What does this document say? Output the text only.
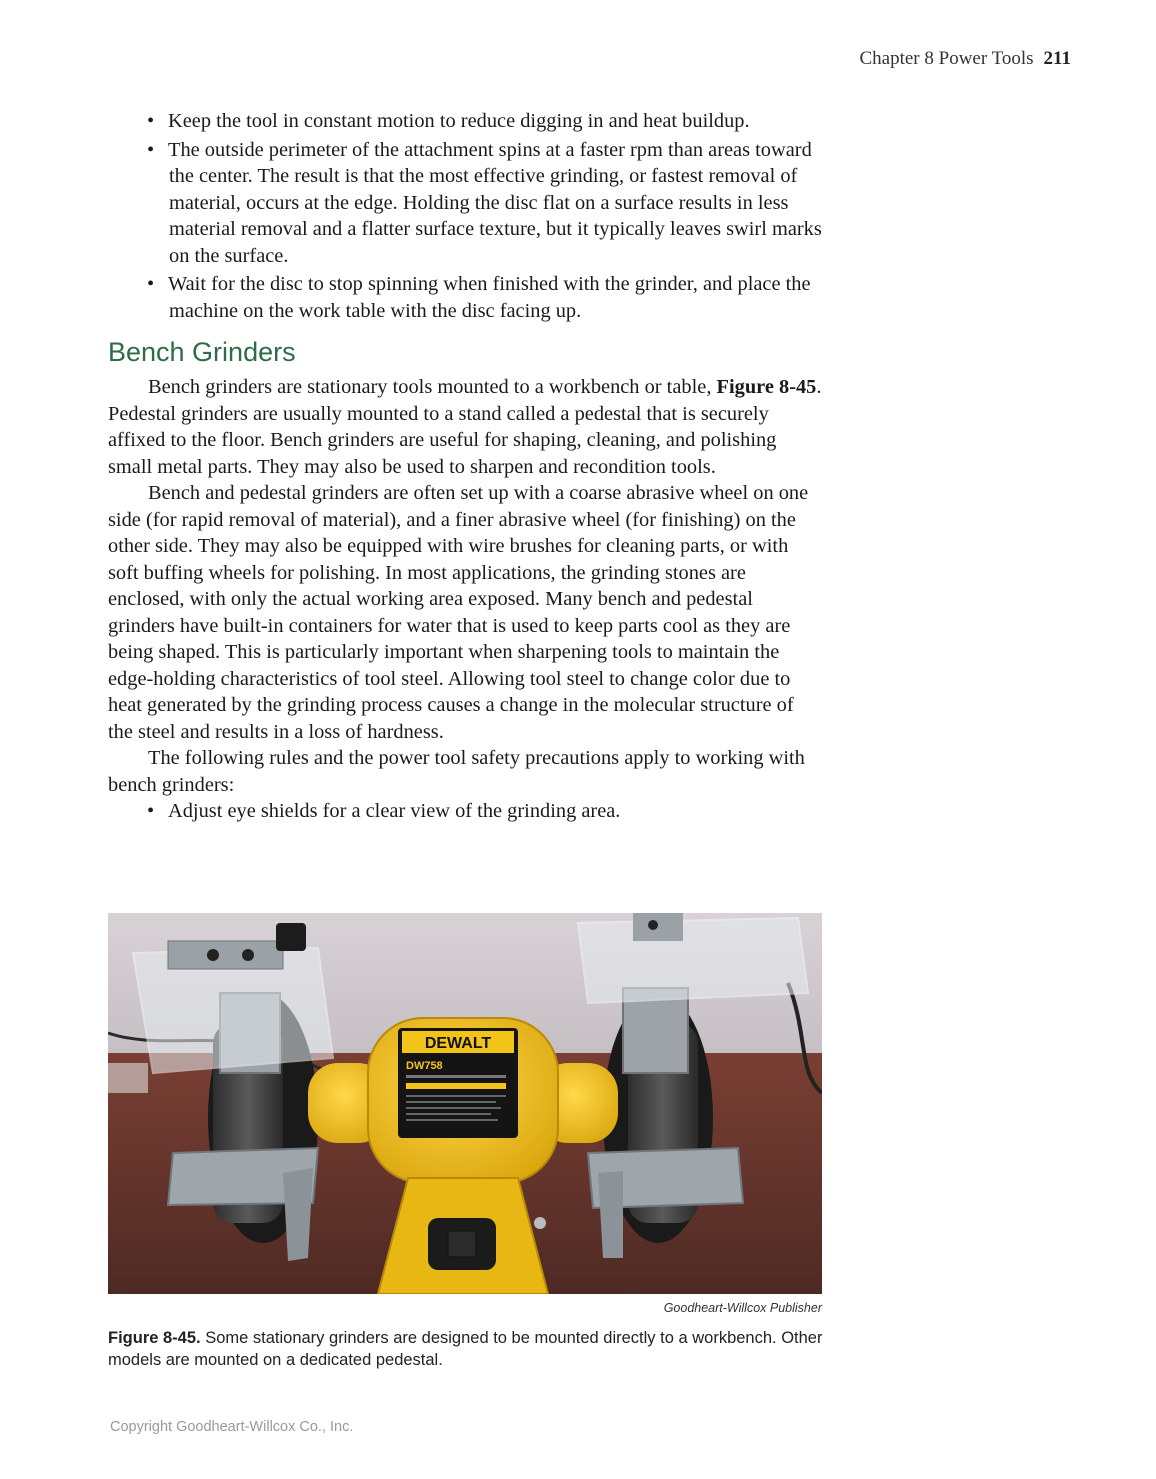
Chapter 8 Power Tools 211
• Keep the tool in constant motion to reduce digging in and heat buildup.
• The outside perimeter of the attachment spins at a faster rpm than areas toward the center. The result is that the most effective grinding, or fastest removal of material, occurs at the edge. Holding the disc flat on a surface results in less material removal and a flatter surface texture, but it typically leaves swirl marks on the surface.
• Wait for the disc to stop spinning when finished with the grinder, and place the machine on the work table with the disc facing up.
Bench Grinders

Bench grinders are stationary tools mounted to a workbench or table, Figure 8-45. Pedestal grinders are usually mounted to a stand called a pedestal that is securely affixed to the floor. Bench grinders are useful for shaping, cleaning, and polishing small metal parts. They may also be used to sharpen and recondition tools.

Bench and pedestal grinders are often set up with a coarse abrasive wheel on one side (for rapid removal of material), and a finer abrasive wheel (for finishing) on the other side. They may also be equipped with wire brushes for cleaning parts, or with soft buffing wheels for polishing. In most applications, the grinding stones are enclosed, with only the actual working area exposed. Many bench and pedestal grinders have built-in containers for water that is used to keep parts cool as they are being shaped. This is particularly important when sharpening tools to maintain the edge-holding characteristics of tool steel. Allowing tool steel to change color due to heat generated by the grinding process causes a change in the molecular structure of the steel and results in a loss of hardness.

The following rules and the power tool safety precautions apply to working with bench grinders:

• Adjust eye shields for a clear view of the grinding area.
DEWALT
DW758
Goodheart-Willcox Publisher
Figure 8-45. Some stationary grinders are designed to be mounted directly to a workbench. Other models are mounted on a dedicated pedestal.
Copyright Goodheart-Willcox Co., Inc.
